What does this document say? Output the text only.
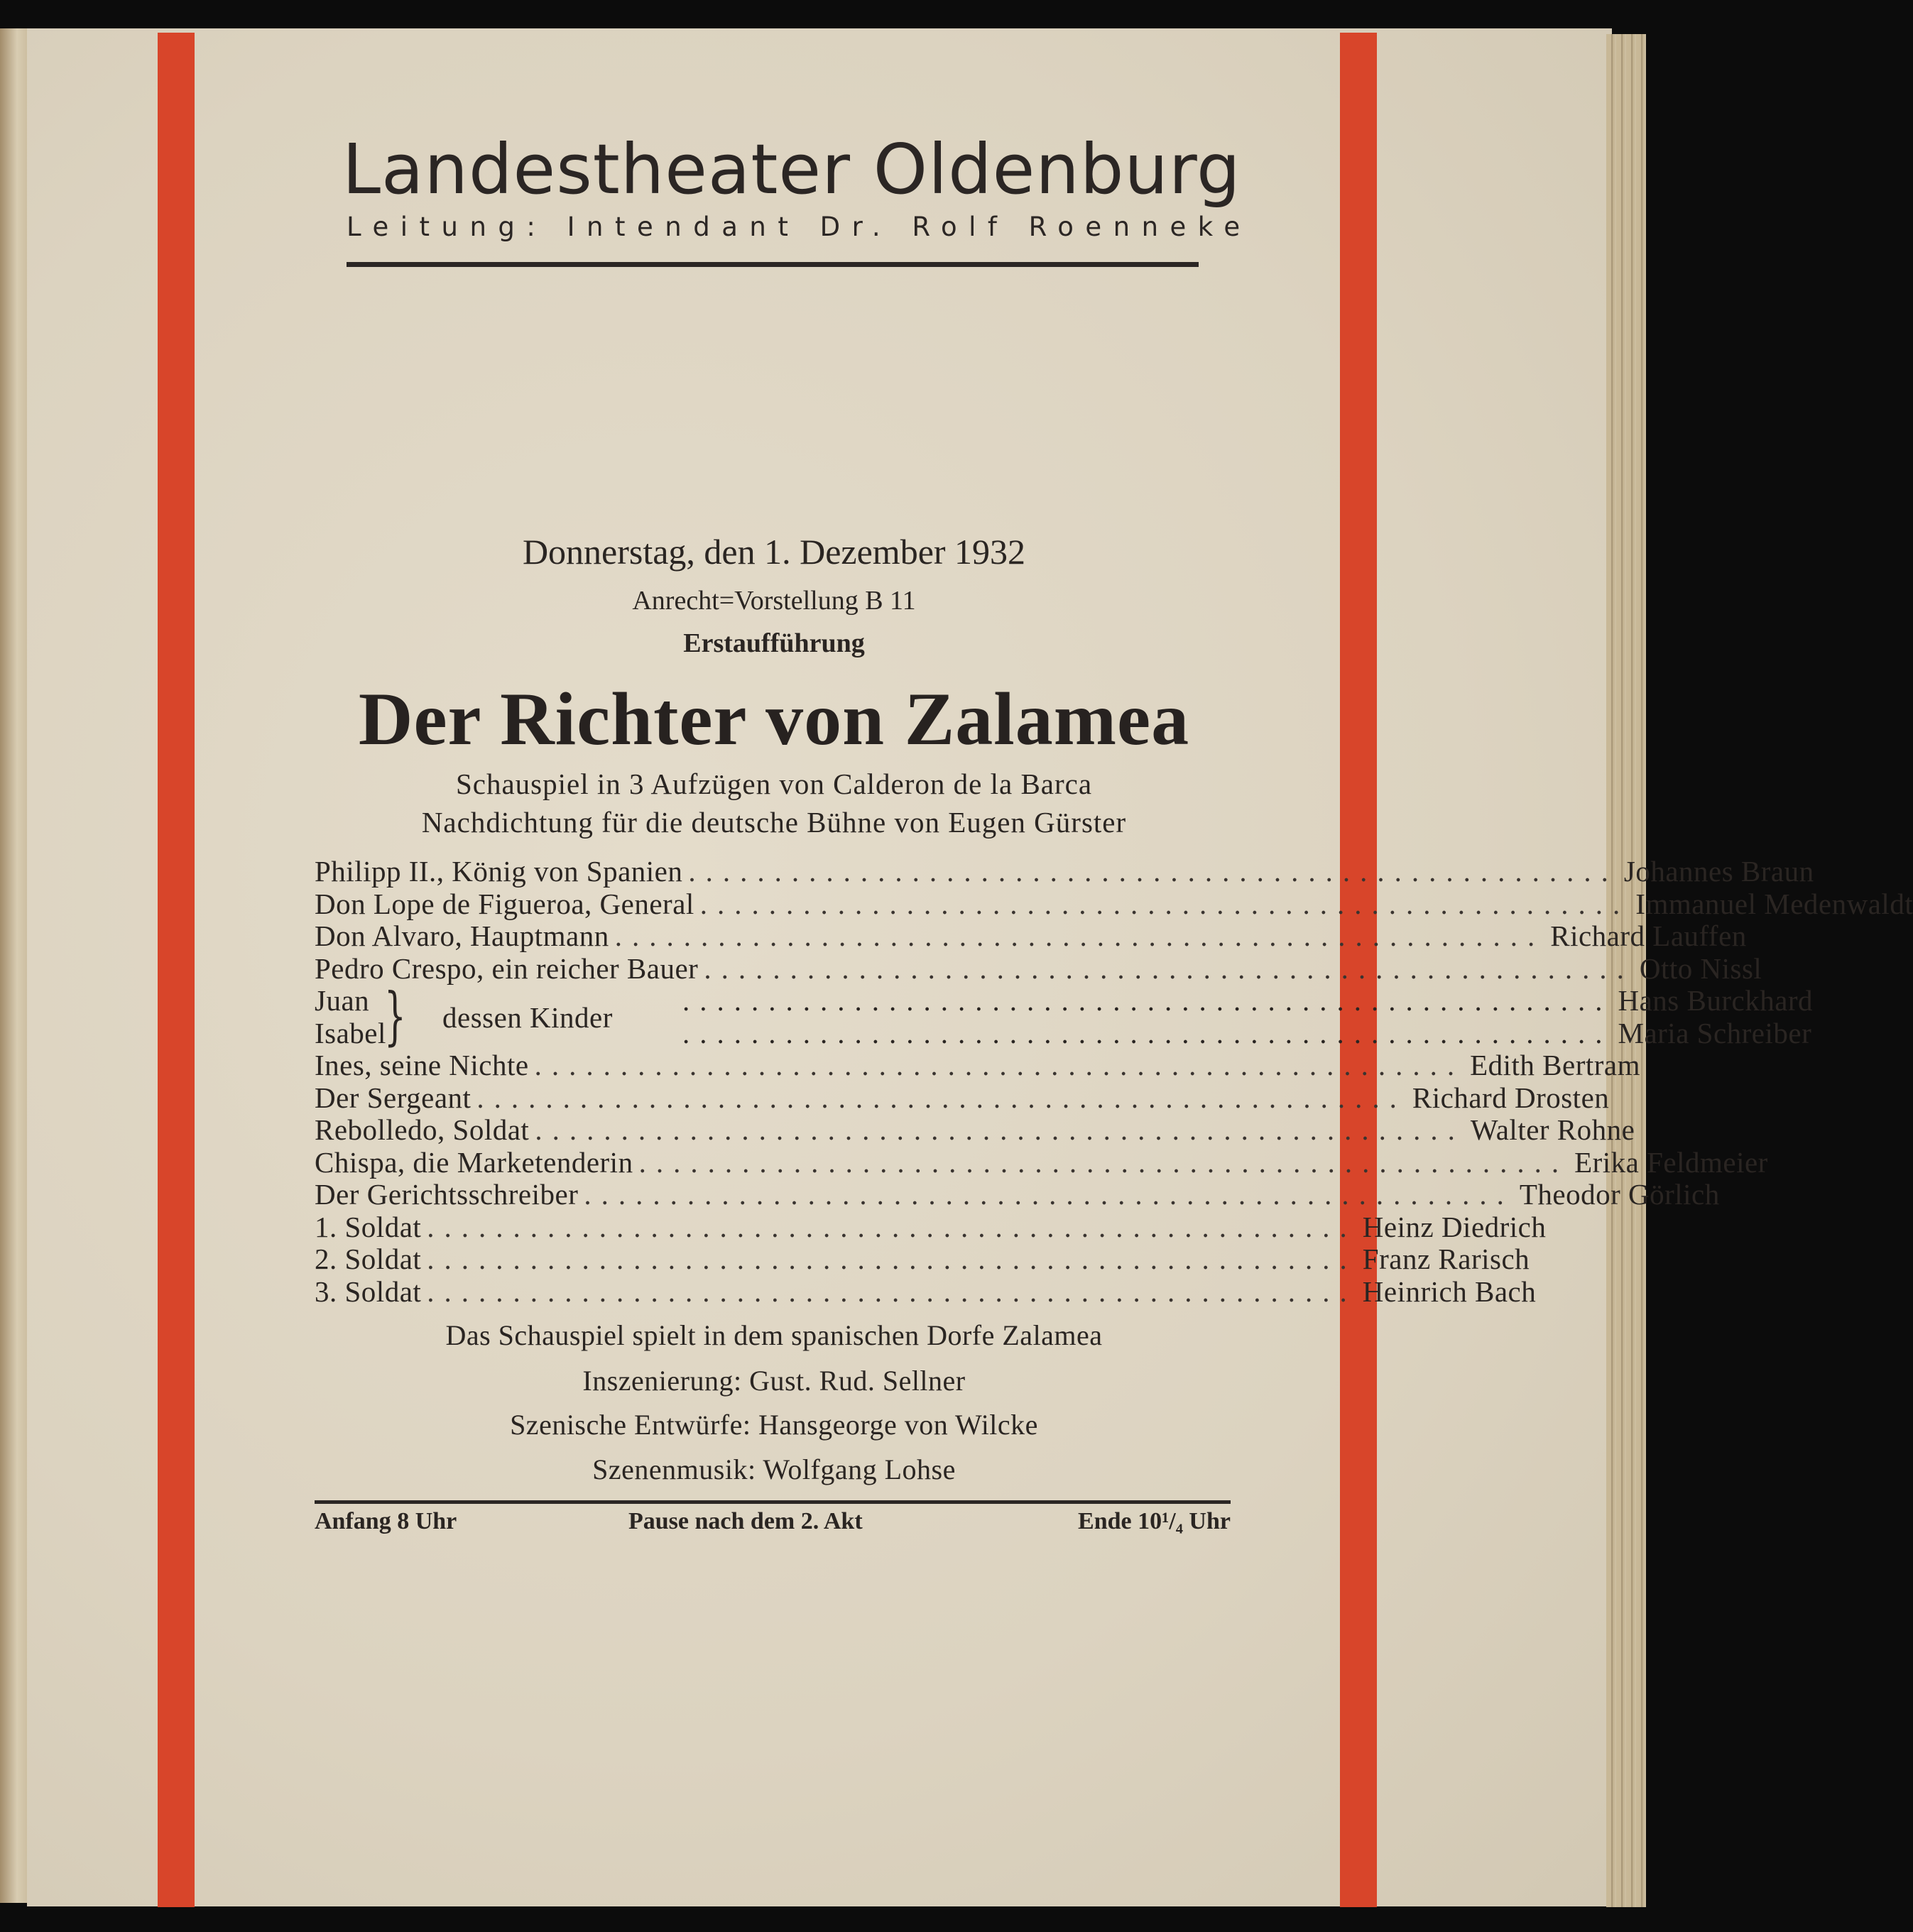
Landestheater Oldenburg
Leitung: Intendant Dr. Rolf Roenneke
Donnerstag, den 1. Dezember 1932
Anrecht=Vorstellung B 11
Erstaufführung
Der Richter von Zalamea
Schauspiel in 3 Aufzügen von Calderon de la Barca
Nachdichtung für die deutsche Bühne von Eugen Gürster
Philipp II., König von Spanien ...................................................... Johannes Braun
Don Lope de Figueroa, General ...................................................... Immanuel Medenwaldt
Don Alvaro, Hauptmann ...................................................... Richard Lauffen
Pedro Crespo, ein reicher Bauer ...................................................... Otto Nissl
Juan	...................................................... Hans Burckhard
Isabel	...................................................... Maria Schreiber
} dessen Kinder
Ines, seine Nichte ...................................................... Edith Bertram
Der Sergeant ...................................................... Richard Drosten
Rebolledo, Soldat ...................................................... Walter Rohne
Chispa, die Marketenderin ...................................................... Erika Feldmeier
Der Gerichtsschreiber ...................................................... Theodor Görlich
1. Soldat ...................................................... Heinz Diedrich
2. Soldat ...................................................... Franz Rarisch
3. Soldat ...................................................... Heinrich Bach
Das Schauspiel spielt in dem spanischen Dorfe Zalamea
Inszenierung: Gust. Rud. Sellner
Szenische Entwürfe: Hansgeorge von Wilcke
Szenenmusik: Wolfgang Lohse
Anfang 8 Uhr	Pause nach dem 2. Akt	Ende 10¹/₄ Uhr
